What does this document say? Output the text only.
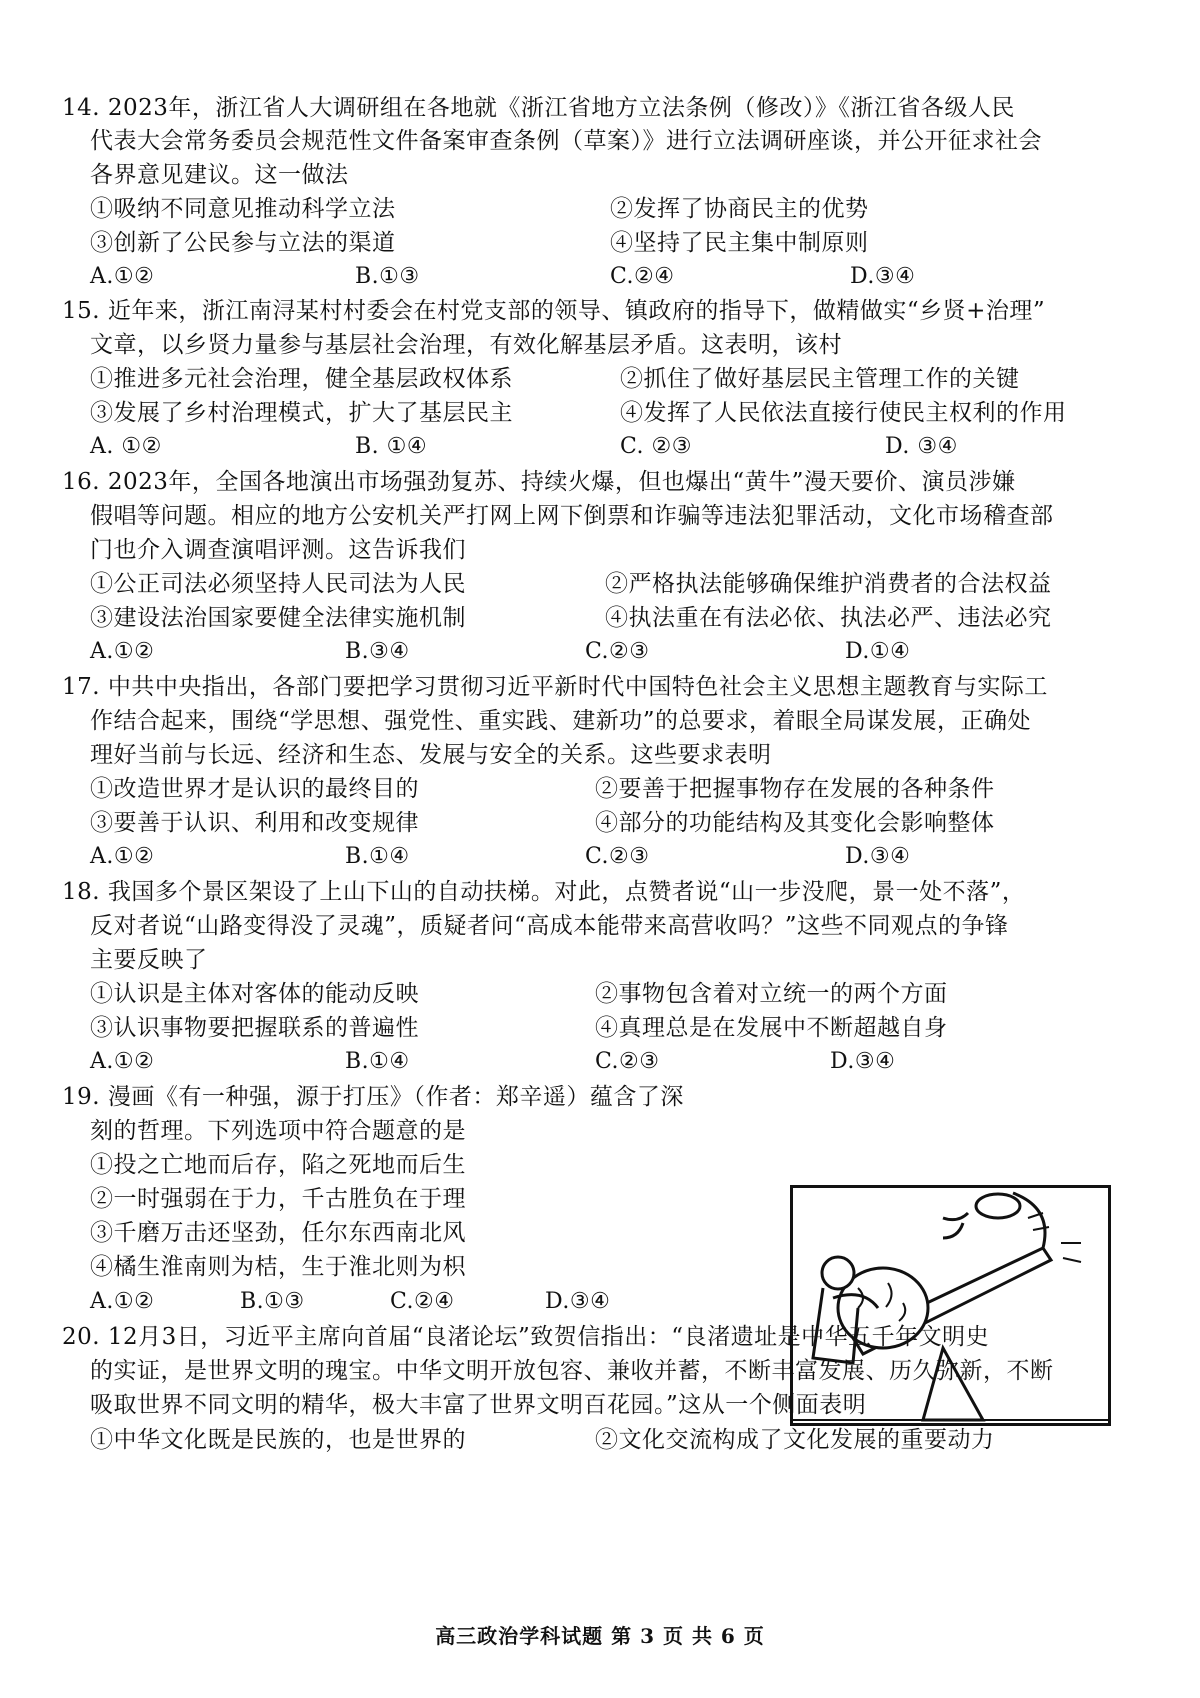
14. 2023年，浙江省人大调研组在各地就《浙江省地方立法条例（修改）》《浙江省各级人民
代表大会常务委员会规范性文件备案审查条例（草案）》进行立法调研座谈，并公开征求社会
各界意见建议。这一做法
①吸纳不同意见推动科学立法	②发挥了协商民主的优势
③创新了公民参与立法的渠道	④坚持了民主集中制原则
A.①②	B.①③	C.②④	D.③④
15. 近年来，浙江南浔某村村委会在村党支部的领导、镇政府的指导下，做精做实“乡贤+治理”
文章，以乡贤力量参与基层社会治理，有效化解基层矛盾。这表明，该村
①推进多元社会治理，健全基层政权体系	②抓住了做好基层民主管理工作的关键
③发展了乡村治理模式，扩大了基层民主	④发挥了人民依法直接行使民主权利的作用
A. ①②	B. ①④	C. ②③	D. ③④
16. 2023年，全国各地演出市场强劲复苏、持续火爆，但也爆出“黄牛”漫天要价、演员涉嫌
假唱等问题。相应的地方公安机关严打网上网下倒票和诈骗等违法犯罪活动，文化市场稽查部
门也介入调查演唱评测。这告诉我们
①公正司法必须坚持人民司法为人民	②严格执法能够确保维护消费者的合法权益
③建设法治国家要健全法律实施机制	④执法重在有法必依、执法必严、违法必究
A.①②	B.③④	C.②③	D.①④
17. 中共中央指出，各部门要把学习贯彻习近平新时代中国特色社会主义思想主题教育与实际工
作结合起来，围绕“学思想、强党性、重实践、建新功”的总要求，着眼全局谋发展，正确处
理好当前与长远、经济和生态、发展与安全的关系。这些要求表明
①改造世界才是认识的最终目的	②要善于把握事物存在发展的各种条件
③要善于认识、利用和改变规律	④部分的功能结构及其变化会影响整体
A.①②	B.①④	C.②③	D.③④
18. 我国多个景区架设了上山下山的自动扶梯。对此，点赞者说“山一步没爬，景一处不落”，
反对者说“山路变得没了灵魂”，质疑者问“高成本能带来高营收吗？”这些不同观点的争锋
主要反映了
①认识是主体对客体的能动反映	②事物包含着对立统一的两个方面
③认识事物要把握联系的普遍性	④真理总是在发展中不断超越自身
A.①②	B.①④	C.②③	D.③④
19. 漫画《有一种强，源于打压》（作者：郑辛遥）蕴含了深
刻的哲理。下列选项中符合题意的是
①投之亡地而后存，陷之死地而后生
②一时强弱在于力，千古胜负在于理
③千磨万击还坚劲，任尔东西南北风
④橘生淮南则为桔，生于淮北则为枳
A.①②	B.①③	C.②④	D.③④
20. 12月3日，习近平主席向首届“良渚论坛”致贺信指出：“良渚遗址是中华五千年文明史
的实证，是世界文明的瑰宝。中华文明开放包容、兼收并蓄，不断丰富发展、历久弥新，不断
吸取世界不同文明的精华，极大丰富了世界文明百花园。”这从一个侧面表明
①中华文化既是民族的，也是世界的	②文化交流构成了文化发展的重要动力
高三政治学科试题 第 3 页 共 6 页
